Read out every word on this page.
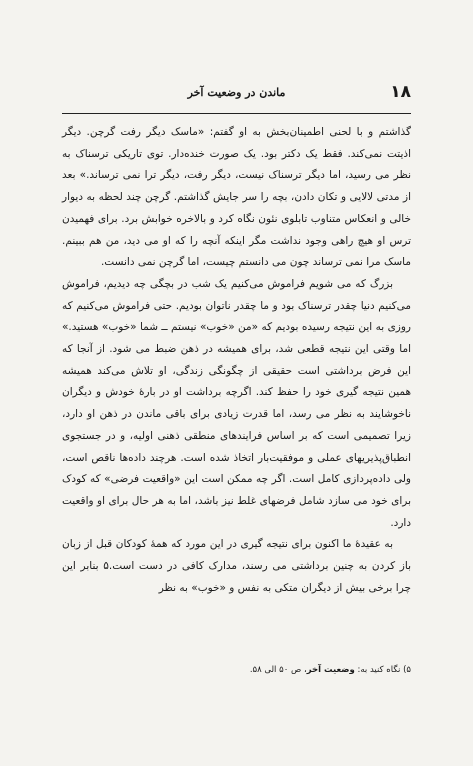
۱۸
ماندن در وضعیت آخر

گذاشتم و با لحنی اطمینان‌بخش به او گفتم: «ماسک دیگر رفت گرچن. دیگر اذیتت نمی‌کند. فقط یک دکتر بود. یک صورت خنده‌دار. توی تاریکی ترسناک به نظر می رسید، اما دیگر ترسناک نیست، دیگر رفت، دیگر ترا نمی ترساند.» بعد از مدتی لالایی و تکان دادن، بچه را سر جایش گذاشتم. گرچن چند لحظه به دیوار خالی و انعکاس متناوب تابلوی نئون نگاه کرد و بالاخره خوابش برد. برای فهمیدن ترس او هیچ راهی وجود نداشت مگر اینکه آنچه را که او می دید، من هم ببینم. ماسک مرا نمی ترساند چون می دانستم چیست، اما گرچن نمی دانست.

بزرگ که می شویم فراموش می‌کنیم یک شب در بچگی چه دیدیم، فراموش می‌کنیم دنیا چقدر ترسناک بود و ما چقدر ناتوان بودیم. حتی فراموش می‌کنیم که روزی به این نتیجه رسیده بودیم که «من «خوب» نیستم ــ شما «خوب» هستید.» اما وقتی این نتیجه قطعی شد، برای همیشه در ذهن ضبط می شود. از آنجا که این فرض برداشتی است حقیقی از چگونگی زندگی، او تلاش می‌کند همیشه همین نتیجه گیری خود را حفظ کند. اگرچه برداشت او در بارهٔ خودش و دیگران ناخوشایند به نظر می رسد، اما قدرت زیادی برای باقی ماندن در ذهن او دارد، زیرا تصمیمی است که بر اساس فرایندهای منطقی ذهنی اولیه، و در جستجوی انطباق‌پذیریهای عملی و موفقیت‌بار اتخاذ شده است. هرچند داده‌ها ناقص است، ولی داده‌پردازی کامل است. اگر چه ممکن است این «واقعیت فرضی» که کودک برای خود می سازد شامل فرضهای غلط نیز باشد، اما به هر حال برای او واقعیت دارد.

به عقیدهٔ ما اکنون برای نتیجه گیری در این مورد که همهٔ کودکان قبل از زبان باز کردن به چنین برداشتی می رسند، مدارک کافی در دست است.۵ بنابر این چرا برخی بیش از دیگران متکی به نفس و «خوب» به نظر

۵) نگاه کنید به: وضعیت آخر، ص ۵۰ الی ۵۸.
